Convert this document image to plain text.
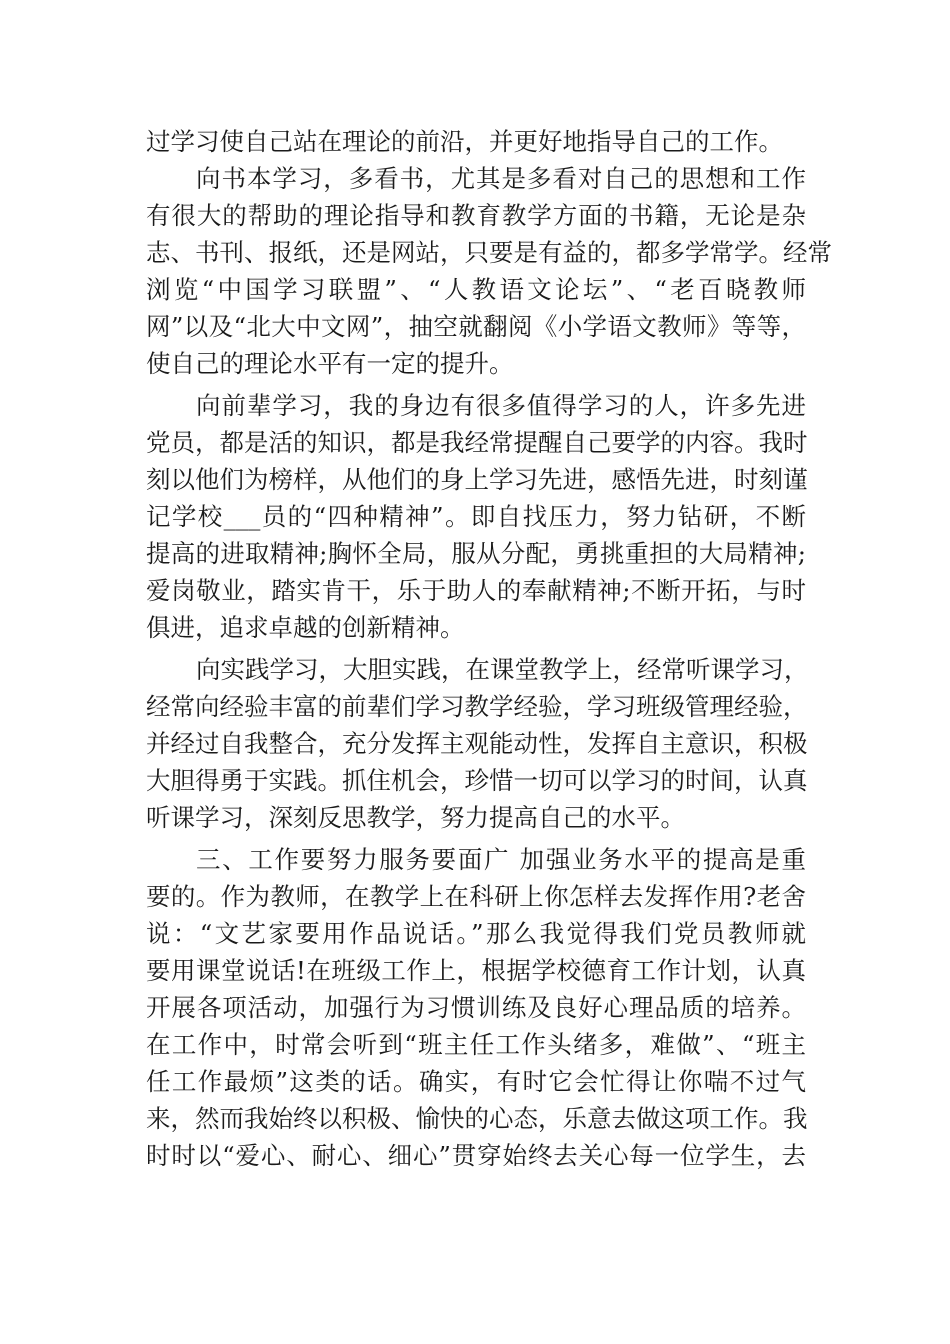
过学习使自己站在理论的前沿，并更好地指导自己的工作。
向书本学习，多看书，尤其是多看对自己的思想和工作
有很大的帮助的理论指导和教育教学方面的书籍，无论是杂
志、书刊、报纸，还是网站，只要是有益的，都多学常学。经常
浏览“中国学习联盟”、“人教语文论坛”、“老百晓教师
网”以及“北大中文网”，抽空就翻阅《小学语文教师》等等，
使自己的理论水平有一定的提升。
向前辈学习，我的身边有很多值得学习的人，许多先进
党员，都是活的知识，都是我经常提醒自己要学的内容。我时
刻以他们为榜样，从他们的身上学习先进，感悟先进，时刻谨
记学校___员的“四种精神”。即自找压力，努力钻研，不断
提高的进取精神;胸怀全局，服从分配，勇挑重担的大局精神;
爱岗敬业，踏实肯干，乐于助人的奉献精神;不断开拓，与时
俱进，追求卓越的创新精神。
向实践学习，大胆实践，在课堂教学上，经常听课学习，
经常向经验丰富的前辈们学习教学经验，学习班级管理经验，
并经过自我整合，充分发挥主观能动性，发挥自主意识，积极
大胆得勇于实践。抓住机会，珍惜一切可以学习的时间，认真
听课学习，深刻反思教学，努力提高自己的水平。
三、工作要努力服务要面广 加强业务水平的提高是重
要的。作为教师，在教学上在科研上你怎样去发挥作用?老舍
说：“文艺家要用作品说话。”那么我觉得我们党员教师就
要用课堂说话!在班级工作上，根据学校德育工作计划，认真
开展各项活动，加强行为习惯训练及良好心理品质的培养。
在工作中，时常会听到“班主任工作头绪多，难做”、“班主
任工作最烦”这类的话。确实，有时它会忙得让你喘不过气
来，然而我始终以积极、愉快的心态，乐意去做这项工作。我
时时以“爱心、耐心、细心”贯穿始终去关心每一位学生，去
